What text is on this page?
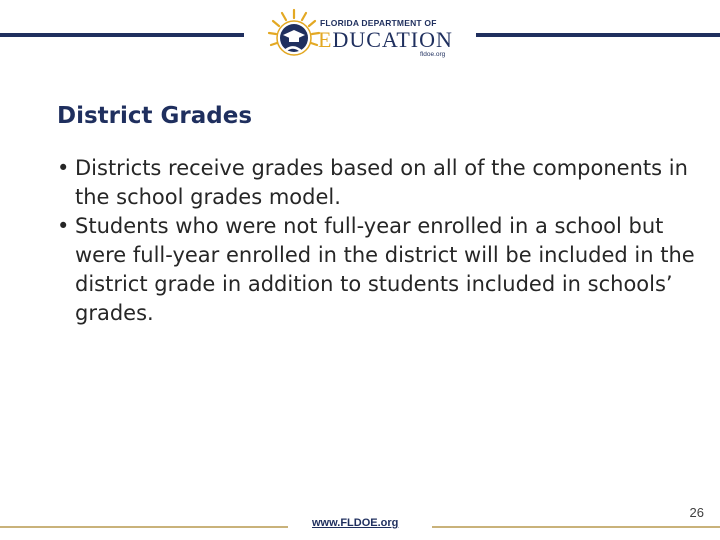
FLORIDA DEPARTMENT OF
EDUCATION
fldoe.org
District Grades
• Districts receive grades based on all of the components in the school grades model.
• Students who were not full-year enrolled in a school but were full-year enrolled in the district will be included in the district grade in addition to students included in schools’ grades.
www.FLDOE.org
26
